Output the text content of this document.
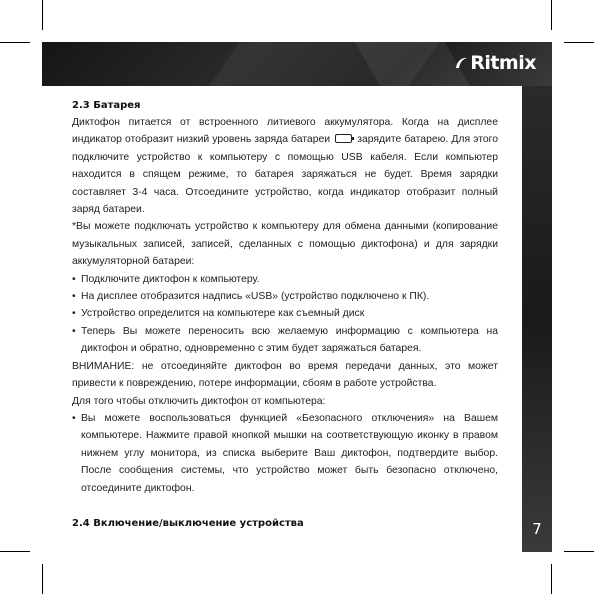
Ritmix
7
2.3 Батарея

Диктофон питается от встроенного литиевого аккумулятора. Когда на дисплее индикатор отобразит низкий уровень заряда батареи	зарядите батарею. Для этого подключите устройство к компьютеру с помощью USB кабеля. Если компьютер находится в спящем режиме, то батарея заряжаться не будет. Время зарядки составляет 3-4 часа. Отсоедините устройство, когда индикатор отобразит полный заряд батареи.

*Вы можете подключать устройство к компьютеру для обмена данными (копирование музыкальных записей, записей, сделанных с помощью диктофона) и для зарядки аккумуляторной батареи:

• Подключите диктофон к компьютеру.
• На дисплее отобразится надпись «USB» (устройство подключено к ПК).
• Устройство определится на компьютере как съемный диск
• Теперь Вы можете переносить всю желаемую информацию с компьютера на диктофон и обратно, одновременно с этим будет заряжаться батарея.

ВНИМАНИЕ: не отсоединяйте диктофон во время передачи данных, это может привести к повреждению, потере информации, сбоям в работе устройства.

Для того чтобы отключить диктофон от компьютера:

• Вы можете воспользоваться функцией «Безопасного отключения» на Вашем компьютере. Нажмите правой кнопкой мышки на соответствующую иконку в правом нижнем углу монитора, из списка выберите Ваш диктофон, подтвердите выбор. После сообщения системы, что устройство может быть безопасно отключено, отсоедините диктофон.
2.4 Включение/выключение устройства
